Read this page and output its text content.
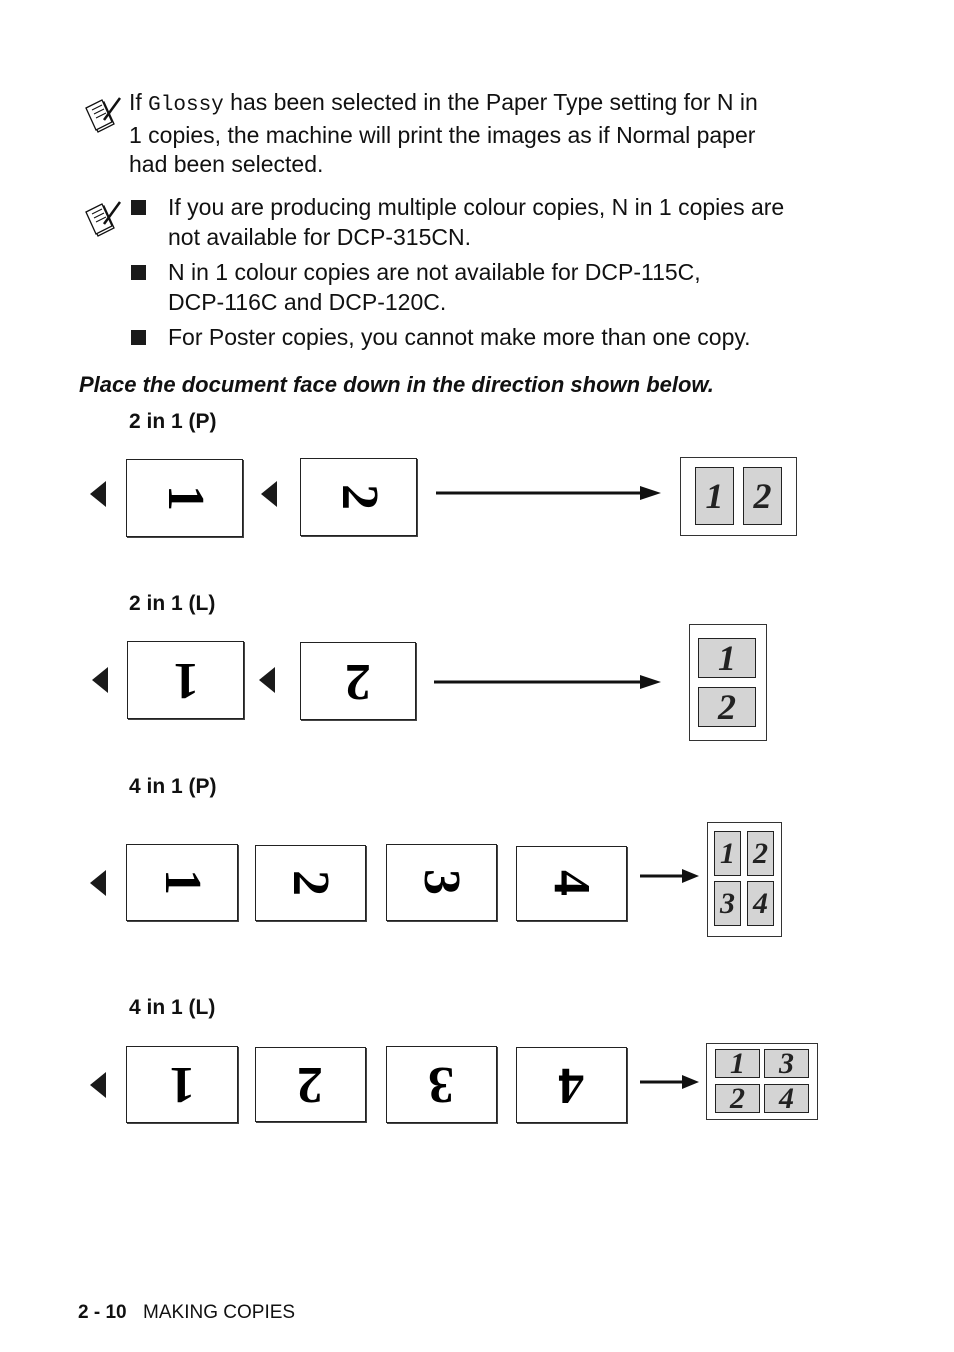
If Glossy has been selected in the Paper Type setting for N in
1 copies, the machine will print the images as if Normal paper
had been selected.
If you are producing multiple colour copies, N in 1 copies are
not available for DCP-315CN.
N in 1 colour copies are not available for DCP-115C,
DCP-116C and DCP-120C.
For Poster copies, you cannot make more than one copy.
Place the document face down in the direction shown below.
2 in 1 (P)
1 2	1 2
2 in 1 (L)
1	2	1
2
4 in 1 (P)
1 2 3 4
1 2
3 4
4 in 1 (L)
1	2	3	4	1	3
2	4
2 - 10 MAKING COPIES
